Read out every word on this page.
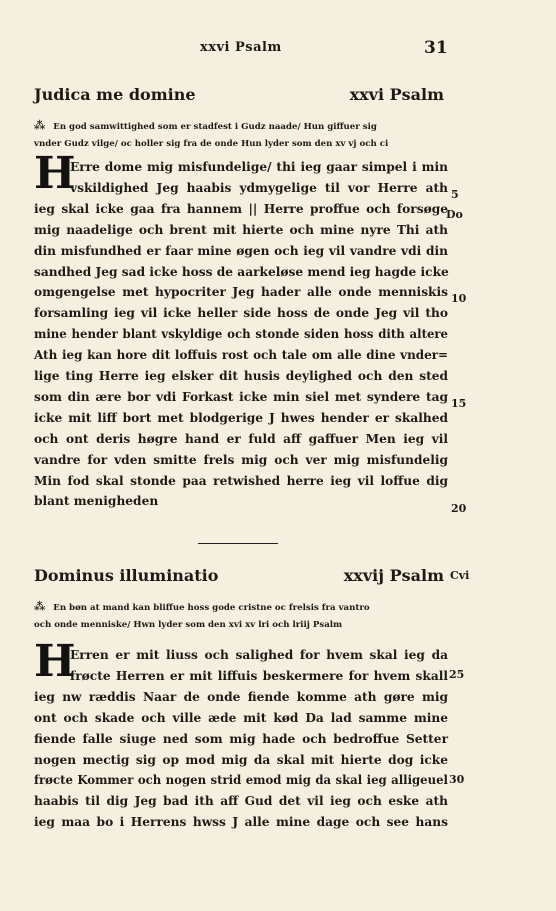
xxvi Psalm	31
Judica me domine	xxvi Psalm
⁂ En god samwittighed som er stadfest i Gudz naade/ Hun giffuer sig
vnder Gudz vilge/ oc holler sig fra de onde Hun lyder som den xv vj och ci
H
Erre dome mig misfundelige/ thi ieg gaar simpel i min
vskildighed Jeg haabis ydmygelige til vor Herre ath
ieg skal icke gaa fra hannem || Herre proffue och forsøge
mig naadelige och brent mit hierte och mine nyre Thi ath
din misfundhed er faar mine øgen och ieg vil vandre vdi din
sandhed Jeg sad icke hoss de aarkeløse mend ieg hagde icke
omgengelse met hypocriter Jeg hader alle onde menniskis
forsamling ieg vil icke heller side hoss de onde Jeg vil tho
mine hender blant vskyldige och stonde siden hoss dith altere
Ath ieg kan hore dit loffuis rost och tale om alle dine vnder=
lige ting Herre ieg elsker dit husis deylighed och den sted
som din ære bor vdi Forkast icke min siel met syndere tag
icke mit liff bort met blodgerige J hwes hender er skalhed
och ont deris høgre hand er fuld aff gaffuer Men ieg vil
vandre for vden smitte frels mig och ver mig misfundelig
Min fod skal stonde paa retwished herre ieg vil loffue dig
blant menigheden
5
Do
10
15
20
Dominus illuminatio	xxvij Psalm Cvi
⁂ En bøn at mand kan bliffue hoss gode cristne oc frelsis fra vantro
och onde menniske/ Hwn lyder som den xvi xv lri och lriij Psalm
H
Erren er mit liuss och salighed for hvem skal ieg da
frøcte Herren er mit liffuis beskermere for hvem skall
ieg nw ræddis Naar de onde fiende komme ath gøre mig
ont och skade och ville æde mit kød Da lad samme mine
fiende falle siuge ned som mig hade och bedroffue Setter
nogen mectig sig op mod mig da skal mit hierte dog icke
frøcte Kommer och nogen strid emod mig da skal ieg alligeuel
haabis til dig Jeg bad ith aff Gud det vil ieg och eske ath
ieg maa bo i Herrens hwss J alle mine dage och see hans
25
30
